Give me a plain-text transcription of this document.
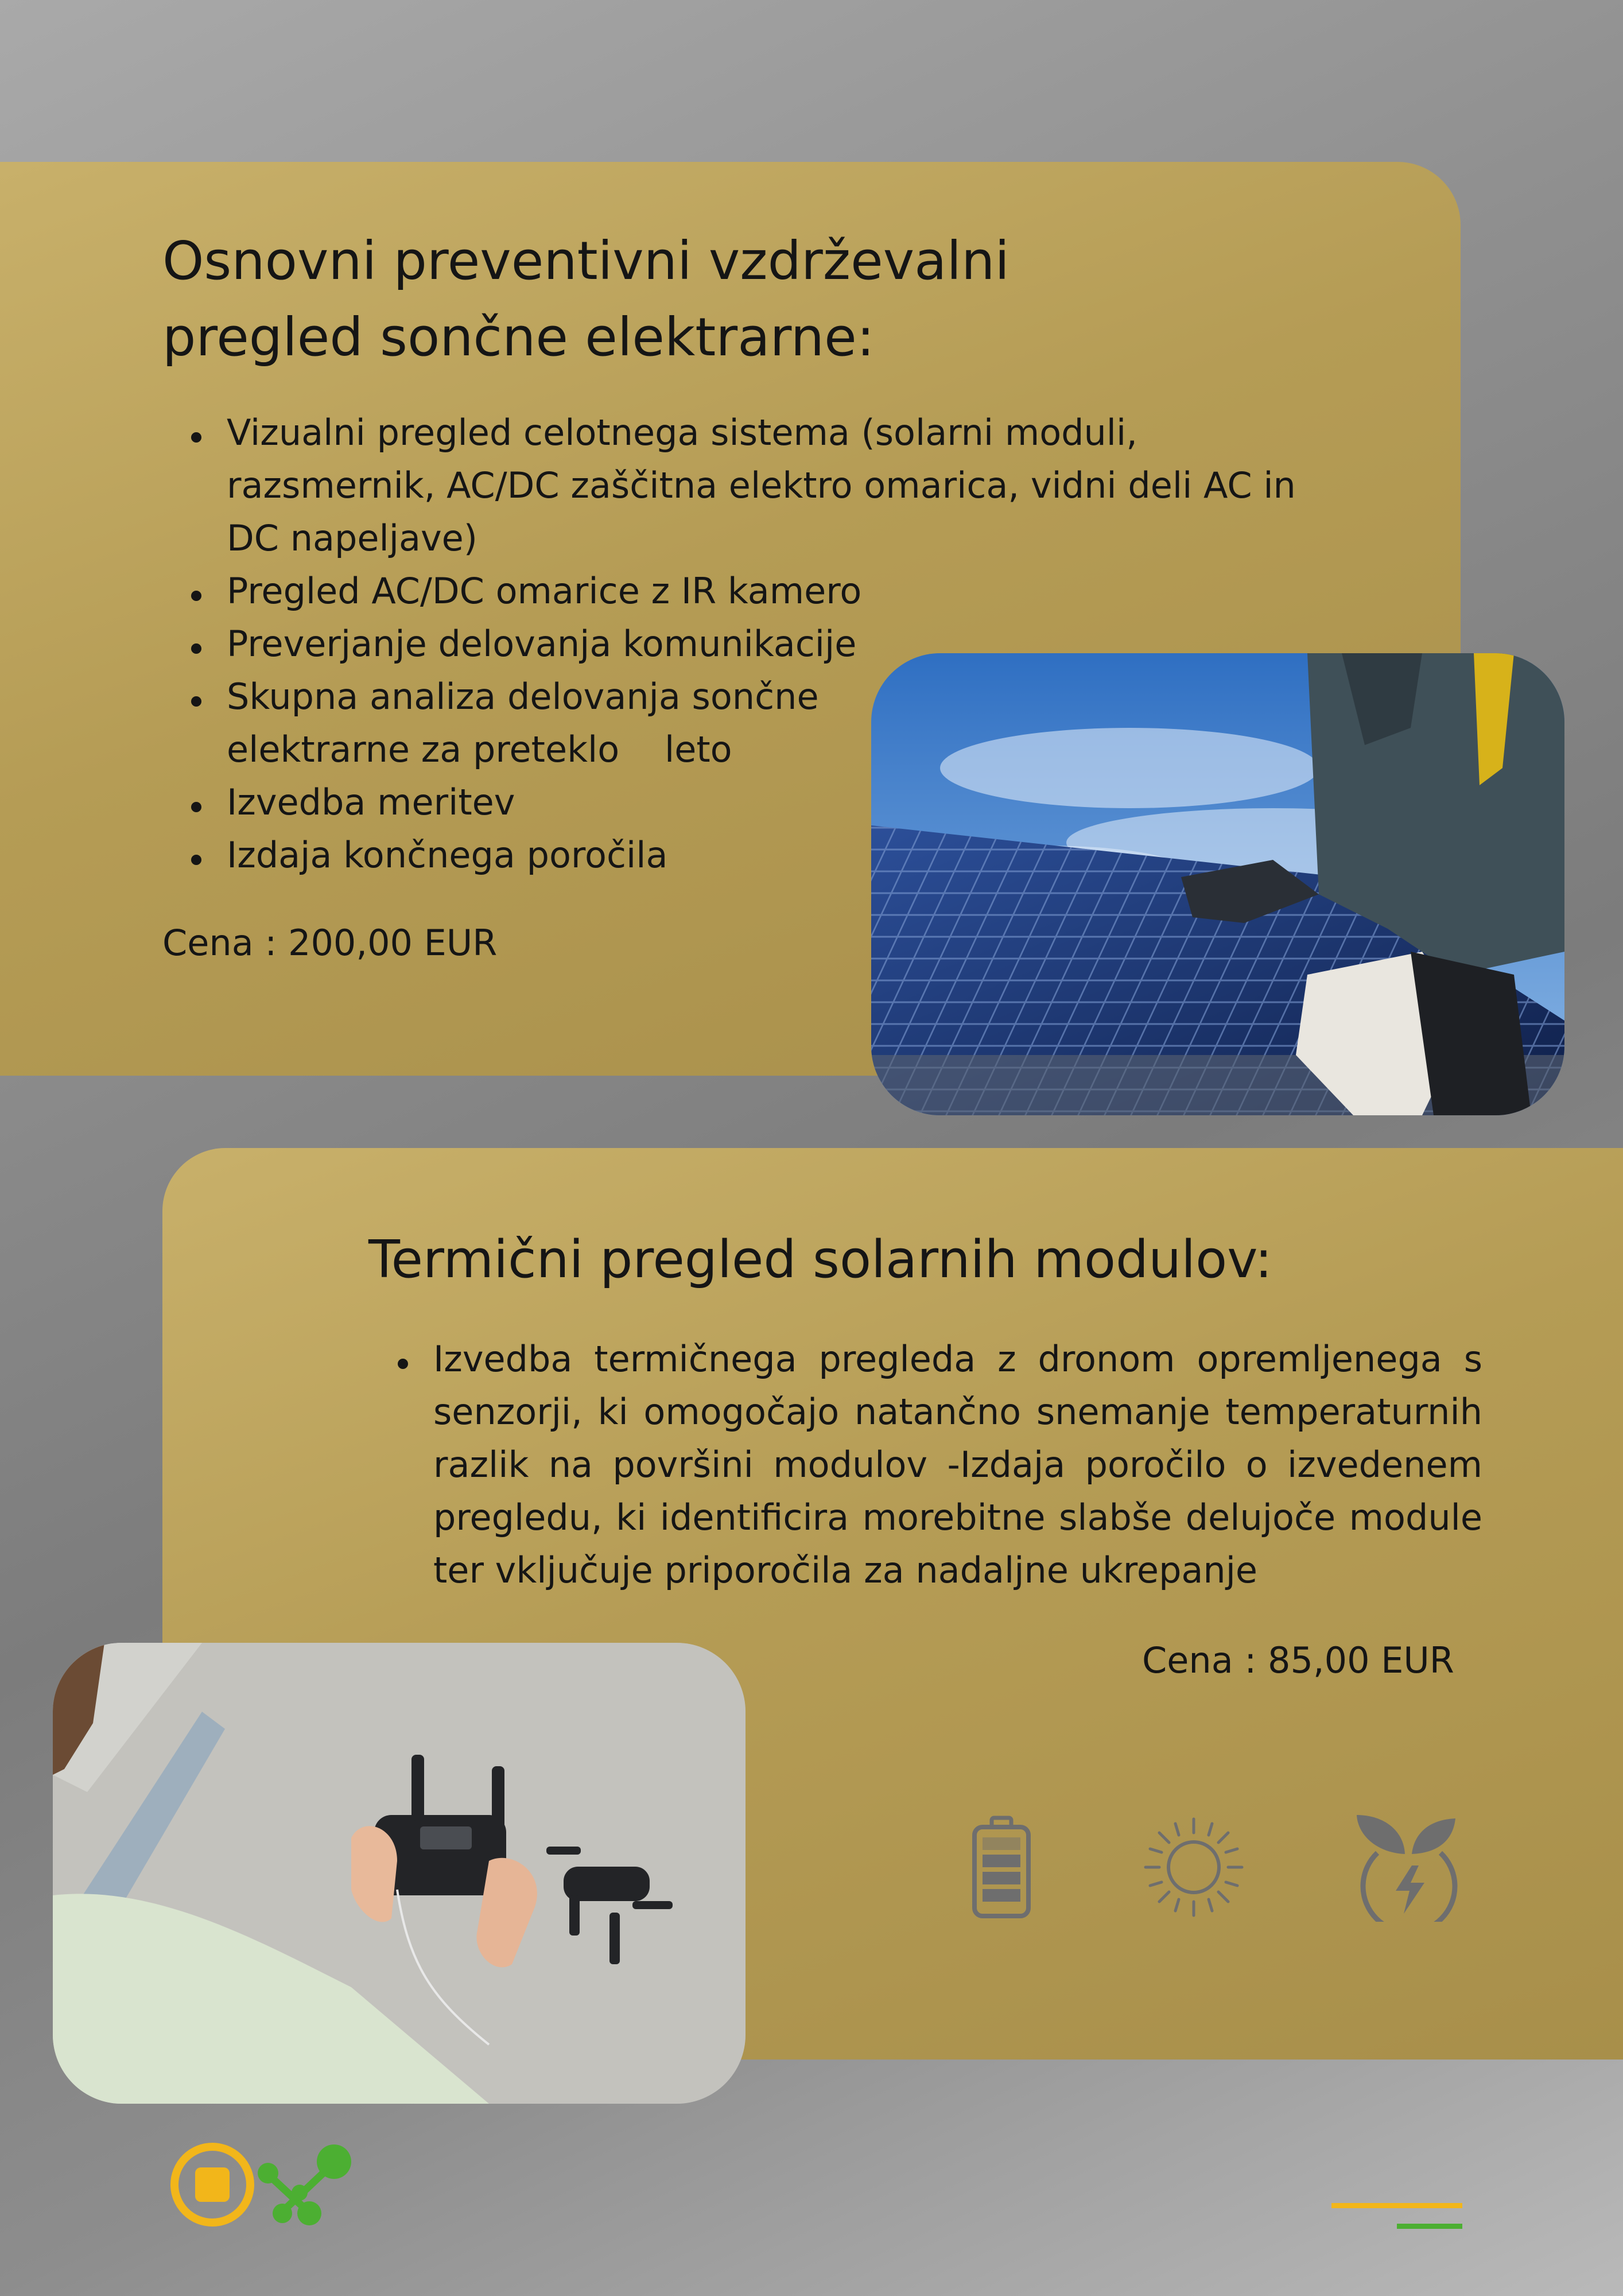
Osnovni preventivni vzdrževalni
pregled sončne elektrarne:
Vizualni pregled celotnega sistema (solarni moduli, razsmernik, AC/DC zaščitna elektro omarica, vidni deli AC in DC napeljave)
Pregled AC/DC omarice z IR kamero
Preverjanje delovanja komunikacije
Skupna analiza delovanja sončne elektrarne za preteklo    leto
Izvedba meritev
Izdaja končnega poročila

Cena : 200,00 EUR

Termični pregled solarnih modulov:
Izvedba termičnega pregleda z dronom opremljenega s senzorji, ki omogočajo natančno snemanje temperaturnih razlik na površini modulov -Izdaja poročilo o izvedenem pregledu, ki identificira morebitne slabše delujoče module ter vključuje priporočila za nadaljne ukrepanje

Cena : 85,00 EUR
